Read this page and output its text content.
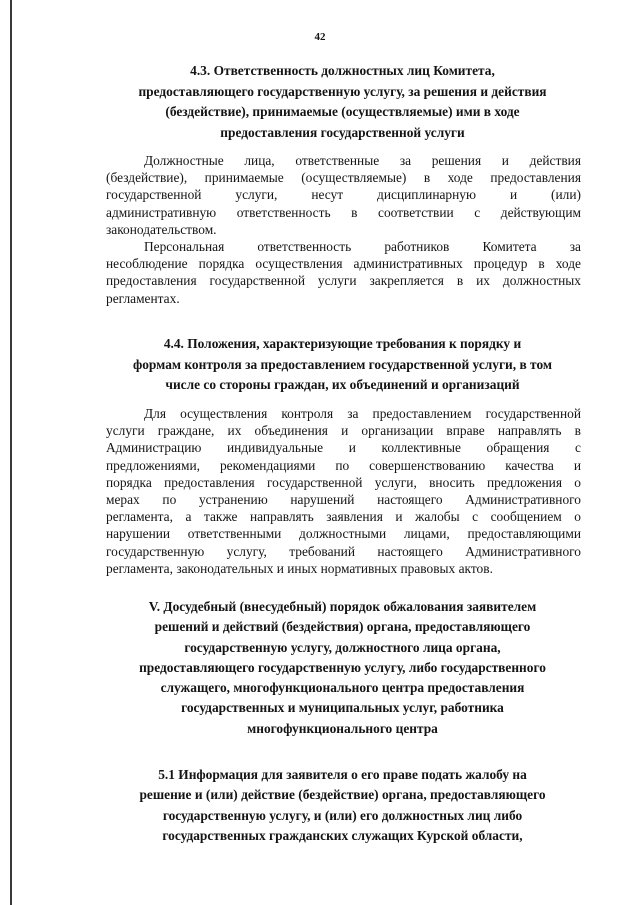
42
4.3. Ответственность должностных лиц Комитета,
предоставляющего государственную услугу, за решения и действия
(бездействие), принимаемые (осуществляемые) ими в ходе
предоставления государственной услуги
Должностные лица, ответственные за решения и действия
(бездействие), принимаемые (осуществляемые) в ходе предоставления
государственной услуги, несут дисциплинарную и (или)
административную ответственность в соответствии с действующим
законодательством.
Персональная ответственность работников Комитета за
несоблюдение порядка осуществления административных процедур в ходе
предоставления государственной услуги закрепляется в их должностных
регламентах.
4.4. Положения, характеризующие требования к порядку и
формам контроля за предоставлением государственной услуги, в том
числе со стороны граждан, их объединений и организаций
Для осуществления контроля за предоставлением государственной
услуги граждане, их объединения и организации вправе направлять в
Администрацию индивидуальные и коллективные обращения с
предложениями, рекомендациями по совершенствованию качества и
порядка предоставления государственной услуги, вносить предложения о
мерах по устранению нарушений настоящего Административного
регламента, а также направлять заявления и жалобы с сообщением о
нарушении ответственными должностными лицами, предоставляющими
государственную услугу, требований настоящего Административного
регламента, законодательных и иных нормативных правовых актов.
V. Досудебный (внесудебный) порядок обжалования заявителем
решений и действий (бездействия) органа, предоставляющего
государственную услугу, должностного лица органа,
предоставляющего государственную услугу, либо государственного
служащего, многофункционального центра предоставления
государственных и муниципальных услуг, работника
многофункционального центра
5.1 Информация для заявителя о его праве подать жалобу на
решение и (или) действие (бездействие) органа, предоставляющего
государственную услугу, и (или) его должностных лиц либо
государственных гражданских служащих Курской области,
